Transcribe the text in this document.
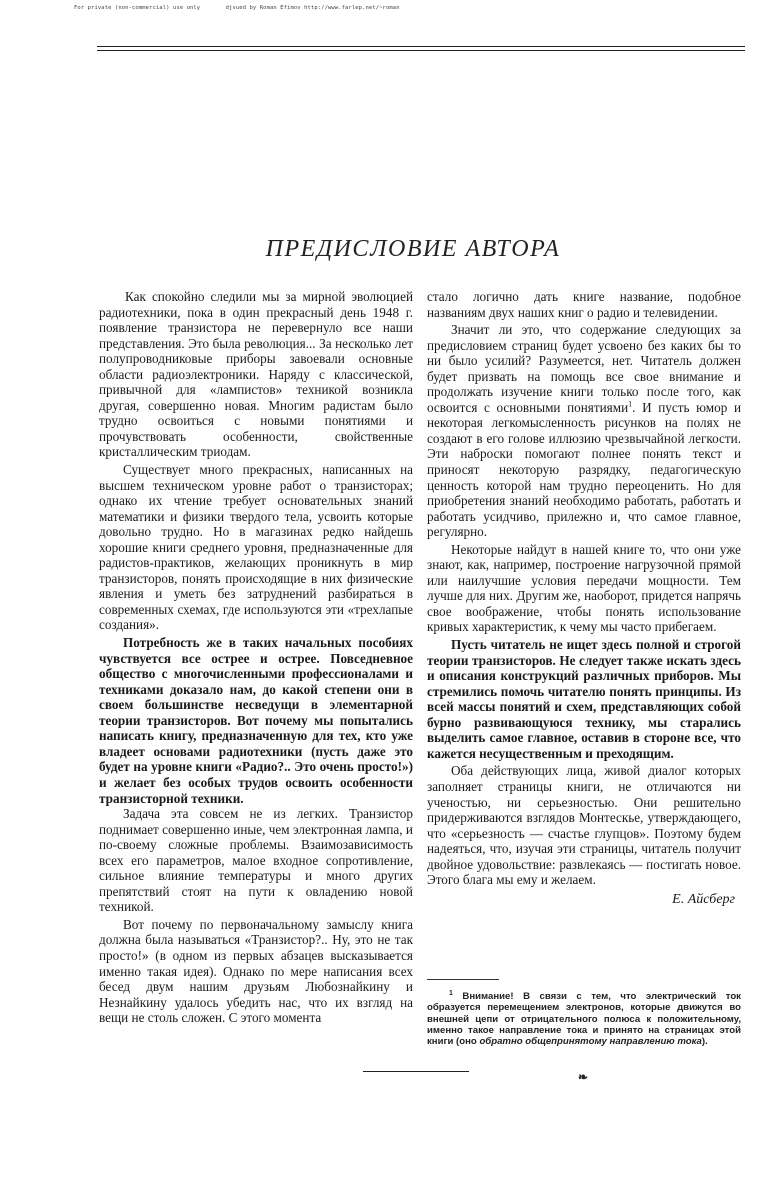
For private (non-commercial) use only	djvued by Roman Efimov http://www.farlep.net/~roman
ПРЕДИСЛОВИЕ АВТОРА

Как спокойно следили мы за мирной эволюцией радиотехники, пока в один прекрасный день 1948 г. появление транзистора не перевернуло все наши представления. Это была революция... За несколько лет полупроводниковые приборы завоевали основные области радиоэлектроники. Наряду с классической, привычной для «лампистов» техникой возникла другая, совершенно новая. Многим радистам было трудно освоиться с новыми понятиями и прочувствовать особенности, свойственные кристаллическим триодам.

Существует много прекрасных, написанных на высшем техническом уровне работ о транзисторах; однако их чтение требует основательных знаний математики и физики твердого тела, усвоить которые довольно трудно. Но в магазинах редко найдешь хорошие книги среднего уровня, предназначенные для радистов-практиков, желающих проникнуть в мир транзисторов, понять происходящие в них физические явления и уметь без затруднений разбираться в современных схемах, где используются эти «трехлапые создания».

Потребность же в таких начальных пособиях чувствуется все острее и острее. Повседневное общество с многочисленными профессионалами и техниками доказало нам, до какой степени они в своем большинстве несведущи в элементарной теории транзисторов. Вот почему мы попытались написать книгу, предназначенную для тех, кто уже владеет основами радиотехники (пусть даже это будет на уровне книги «Радио?.. Это очень просто!») и желает без особых трудов освоить особенности транзисторной техники.

Задача эта совсем не из легких. Транзистор поднимает совершенно иные, чем электронная лампа, и по-своему сложные проблемы. Взаимозависимость всех его параметров, малое входное сопротивление, сильное влияние температуры и много других препятствий стоят на пути к овладению новой техникой.

Вот почему по первоначальному замыслу книга должна была называться «Транзистор?.. Ну, это не так просто!» (в одном из первых абзацев высказывается именно такая идея). Однако по мере написания всех бесед двум нашим друзьям Любознайкину и Незнайкину удалось убедить нас, что их взгляд на вещи не столь сложен. С этого момента

стало логично дать книге название, подобное названиям двух наших книг о радио и телевидении.

Значит ли это, что содержание следующих за предисловием страниц будет усвоено без каких бы то ни было усилий? Разумеется, нет. Читатель должен будет призвать на помощь все свое внимание и продолжать изучение книги только после того, как освоится с основными понятиями$^1$. И пусть юмор и некоторая легкомысленность рисунков на полях не создают в его голове иллюзию чрезвычайной легкости. Эти наброски помогают полнее понять текст и приносят некоторую разрядку, педагогическую ценность которой нам трудно переоценить. Но для приобретения знаний необходимо работать, работать и работать усидчиво, прилежно и, что самое главное, регулярно.

Некоторые найдут в нашей книге то, что они уже знают, как, например, построение нагрузочной прямой или наилучшие условия передачи мощности. Тем лучше для них. Другим же, наоборот, придется напрячь свое воображение, чтобы понять использование кривых характеристик, к чему мы часто прибегаем.

Пусть читатель не ищет здесь полной и строгой теории транзисторов. Не следует также искать здесь и описания конструкций различных приборов. Мы стремились помочь читателю понять принципы. Из всей массы понятий и схем, представляющих собой бурно развивающуюся технику, мы старались выделить самое главное, оставив в стороне все, что кажется несущественным и преходящим.

Оба действующих лица, живой диалог которых заполняет страницы книги, не отличаются ни ученостью, ни серьезностью. Они решительно придерживаются взглядов Монтескье, утверждающего, что «серьезность — счастье глупцов». Поэтому будем надеяться, что, изучая эти страницы, читатель получит двойное удовольствие: развлекаясь — постигать новое. Этого блага мы ему и желаем.

Е. Айсберг

$^1$ Внимание! В связи с тем, что электрический ток образуется перемещением электронов, которые движутся во внешней цепи от отрицательного полюса к положительному, именно такое направление тока и принято на страницах этой книги (оно обратно общепринятому направлению тока).

❧
